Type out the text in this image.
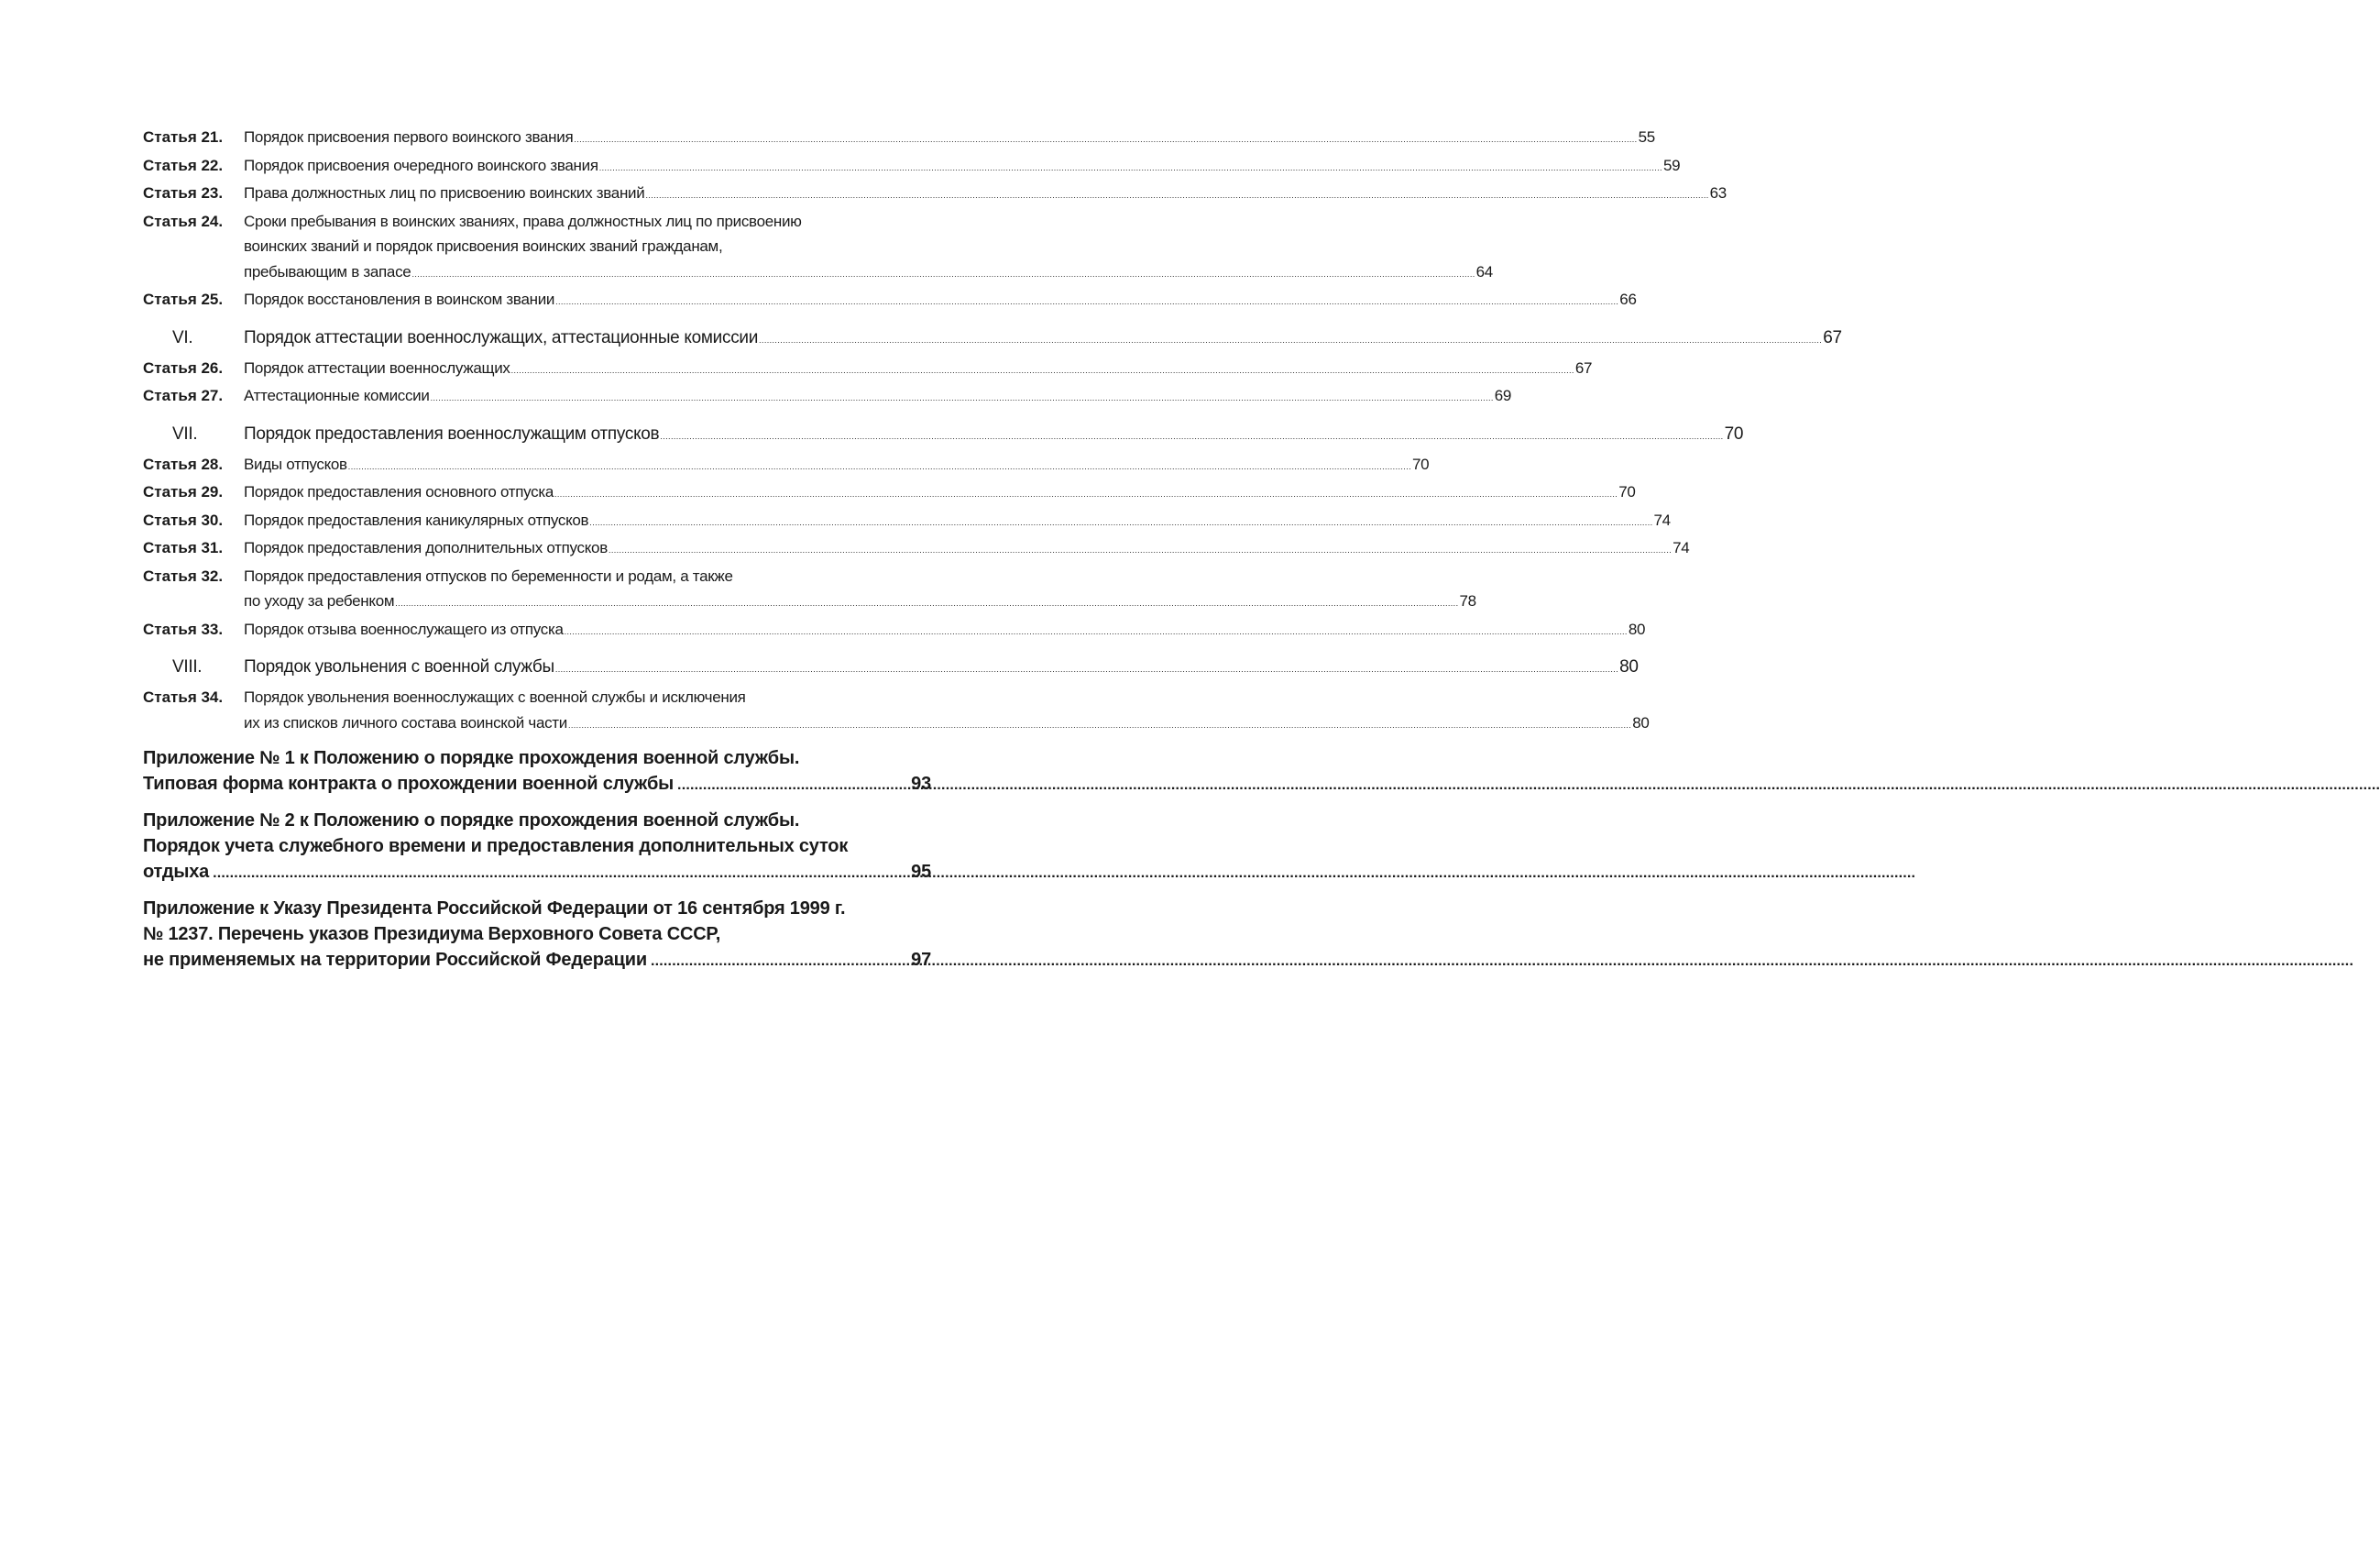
Статья 21.	Порядок присвоения первого воинского звания .....	55
Статья 22.	Порядок присвоения очередного воинского звания .....	59
Статья 23.	Права должностных лиц по присвоению воинских званий .....	63
Статья 24.	Сроки пребывания в воинских званиях, права должностных лиц по присвоению
воинских званий и порядок присвоения воинских званий гражданам,
пребывающим в запасе .....	64
Статья 25.	Порядок восстановления в воинском звании .....	66
VI.	Порядок аттестации военнослужащих, аттестационные комиссии .....	67
Статья 26.	Порядок аттестации военнослужащих .....	67
Статья 27.	Аттестационные комиссии .....	69
VII.	Порядок предоставления военнослужащим отпусков .....	70
Статья 28.	Виды отпусков .....	70
Статья 29.	Порядок предоставления основного отпуска .....	70
Статья 30.	Порядок предоставления каникулярных отпусков .....	74
Статья 31.	Порядок предоставления дополнительных отпусков .....	74
Статья 32.	Порядок предоставления отпусков по беременности и родам, а также
по уходу за ребенком .....	78
Статья 33.	Порядок отзыва военнослужащего из отпуска .....	80
VIII.	Порядок увольнения с военной службы .....	80
Статья 34.	Порядок увольнения военнослужащих с военной службы и исключения
их из списков личного состава воинской части .....	80
Приложение № 1 к Положению о порядке прохождения военной службы.
Типовая форма контракта о прохождении военной службы .....	93
Приложение № 2 к Положению о порядке прохождения военной службы.
Порядок учета служебного времени и предоставления дополнительных суток
отдыха .....	95
Приложение к Указу Президента Российской Федерации от 16 сентября 1999 г.
№ 1237. Перечень указов Президиума Верховного Совета СССР,
не применяемых на территории Российской Федерации .....	97
